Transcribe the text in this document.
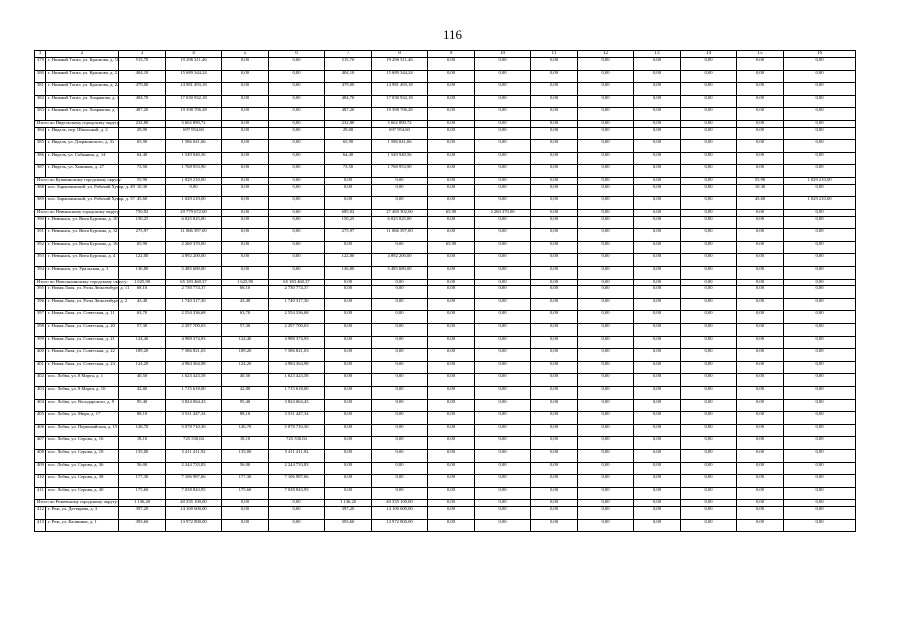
116
1	2	3	4	5	6	7	8	9	10	11	12	13	14	15	16
379	г. Нижний Тагил, ул. Краснова, д. 18	515,70	19 296 311,46	0,00	0,00	515,70	19 296 311,46	0,00	0,00	0,00	0,00	0,00	0,00	0,00	0,00
380	г. Нижний Тагил, ул. Краснова, д. 21	404,10	15 689 344,24	0,00	0,00	404,10	15 689 344,24	0,00	0,00	0,00	0,00	0,00	0,00	0,00	0,00
381	г. Нижний Тагил, ул. Краснова, д. 22	479,00	14 981 493,18	0,00	0,00	479,00	14 981 493,18	0,00	0,00	0,00	0,00	0,00	0,00	0,00	0,00
382	г. Нижний Тагил, ул. Хохрякова, д. 4	484,70	17 030 932,18	0,00	0,00	484,70	17 030 932,18	0,00	0,00	0,00	0,00	0,00	0,00	0,00	0,00
383	г. Нижний Тагил, ул. Хохрякова, д. 7	487,20	19 398 706,28	0,00	0,00	487,20	19 398 706,28	0,00	0,00	0,00	0,00	0,00	0,00	0,00	0,00
Итого по Ивдельскому городскому округу:		232,80	5 602 890,72	0,00	0,00	232,80	5 602 890,72	0,00	0,00	0,00	0,00	0,00	0,00	0,00	0,00
384	г. Ивдель, пер. Школьный, д. 2	29,00	697 954,60	0,00	0,00	29,00	697 954,60	0,00	0,00	0,00	0,00	0,00	0,00	0,00	0,00
385	г. Ивдель, ул. Дзержинского, д. 31	65,90	1 586 041,66	0,00	0,00	65,90	1 586 041,66	0,00	0,00	0,00	0,00	0,00	0,00	0,00	0,00
386	г. Ивдель, ул. Собянина, д. 14	64,40	1 549 940,56	0,00	0,00	64,40	1 549 940,56	0,00	0,00	0,00	0,00	0,00	0,00	0,00	0,00
387	г. Ивдель, ул. Химиков, д. 27	73,50	1 768 953,90	0,00	0,00	73,50	1 768 953,90	0,00	0,00	0,00	0,00	0,00	0,00	0,00	0,00
Итого по Кушвинскому городскому округу:		55,90	1 029 210,00	0,00	0,00	0,00	0,00	0,00	0,00	0,00	0,00	0,00	0,00	55,90	1 029 210,00
388	пос. Баранчинский, ул. Рабочий Хутор, д. 49	10,30	0,00	0,00	0,00	0,00	0,00	0,00	0,00	0,00	0,00	0,00	0,00	10,30	0,00
389	пос. Баранчинский, ул. Рабочий Хутор, д. 57	45,60	1 029 210,00	0,00	0,00	0,00	0,00	0,00	0,00	0,00	0,00	0,00	0,00	45,60	1 029 210,00
Итого по Невьянскому городскому округу:		750,92	29 779 672,00	0,00	0,00	685,02	27 469 302,00	65,90	2 260 370,00	0,00	0,00	0,00	0,00	0,00	0,00
390	г. Невьянск, ул. Витя Бурсина, д. 10	150,25	6 025 025,00	0,00	0,00	150,25	6 025 025,00	0,00	0,00	0,00	0,00	0,00	0,00	0,00	0,00
391	г. Невьянск, ул. Витя Бурсина, д. 12	275,97	11 066 397,00	0,00	0,00	275,97	11 066 397,00	0,00	0,00	0,00	0,00	0,00	0,00	0,00	0,00
392	г. Невьянск, ул. Витя Бурсина, д. 16	65,90	2 260 370,00	0,00	0,00	0,00	0,00	65,90	0,00	0,00	0,00	0,00	0,00	0,00	0,00
393	г. Невьянск, ул. Витя Бурсина, д. 4	122,00	4 892 200,00	0,00	0,00	122,00	4 892 200,00	0,00	0,00	0,00	0,00	0,00	0,00	0,00	0,00
394	г. Невьянск, ул. Уральская, д. 3	136,80	5 485 680,00	0,00	0,00	136,80	5 485 680,00	0,00	0,00	0,00	0,00	0,00	0,00	0,00	0,00
Итого по Новолялинскому городскому округу:		1 625,90	65 183 460,37	1 625,90	65 183 460,37	0,00	0,00	0,00	0,00	0,00	0,00	0,00	0,00	0,00	0,00
395	г. Новая Ляля, ул. Розы Люксембург, д. 11	68,10	2 730 774,37	68,10	2 730 774,37	0,00	0,00	0,00	0,00	0,00	0,00	0,00	0,00	0,00	0,00
396	г. Новая Ляля, ул. Розы Люксембург, д. 2	43,40	1 740 317,30	43,40	1 740 317,30	0,00	0,00	0,00	0,00	0,00	0,00	0,00	0,00	0,00	0,00
397	г. Новая Ляля, ул. Советская, д. 11	63,70	2 554 336,68	63,70	2 554 336,68	0,00	0,00	0,00	0,00	0,00	0,00	0,00	0,00	0,00	0,00
398	г. Новая Ляля, ул. Советская, д. 20	57,30	2 297 700,03	57,30	2 297 700,03	0,00	0,00	0,00	0,00	0,00	0,00	0,00	0,00	0,00	0,00
399	г. Новая Ляля, ул. Советская, д. 21	124,40	4 988 374,93	124,40	4 988 374,93	0,00	0,00	0,00	0,00	0,00	0,00	0,00	0,00	0,00	0,00
400	г. Новая Ляля, ул. Советская, д. 22	189,20	7 586 821,03	189,20	7 586 821,03	0,00	0,00	0,00	0,00	0,00	0,00	0,00	0,00	0,00	0,00
401	г. Новая Ляля, ул. Советская, д. 23	124,20	4 984 364,98	124,20	4 984 364,98	0,00	0,00	0,00	0,00	0,00	0,00	0,00	0,00	0,00	0,00
402	пос. Лобва, ул. 8 Марта, д. 1	40,50	1 623 423,58	40,50	1 623 423,58	0,00	0,00	0,00	0,00	0,00	0,00	0,00	0,00	0,00	0,00
403	пос. Лобва, ул. 8 Марта, д. 10	42,80	1 715 618,00	42,80	1 715 618,00	0,00	0,00	0,00	0,00	0,00	0,00	0,00	0,00	0,00	0,00
404	пос. Лобва, ул. Володарского, д. 9	95,40	3 824 064,43	95,40	3 824 064,43	0,00	0,00	0,00	0,00	0,00	0,00	0,00	0,00	0,00	0,00
405	пос. Лобва, ул. Мира, д. 17	88,10	3 531 447,34	88,10	3 531 447,34	0,00	0,00	0,00	0,00	0,00	0,00	0,00	0,00	0,00	0,00
406	пос. Лобва, ул. Первомайская, д. 15	126,70	5 078 710,30	126,70	5 078 710,30	0,00	0,00	0,00	0,00	0,00	0,00	0,00	0,00	0,00	0,00
407	пос. Лобва, ул. Серова, д. 16	18,10	725 530,04	18,10	725 530,04	0,00	0,00	0,00	0,00	0,00	0,00	0,00	0,00	0,00	0,00
408	пос. Лобва, ул. Серова, д. 18	135,00	5 411 411,92	135,00	5 411 411,92	0,00	0,00	0,00	0,00	0,00	0,00	0,00	0,00	0,00	0,00
409	пос. Лобва, ул. Серова, д. 36	56,00	2 244 733,83	56,00	2 244 733,83	0,00	0,00	0,00	0,00	0,00	0,00	0,00	0,00	0,00	0,00
410	пос. Лобва, ул. Серова, д. 38	177,30	7 106 987,66	177,30	7 106 987,66	0,00	0,00	0,00	0,00	0,00	0,00	0,00	0,00	0,00	0,00
411	пос. Лобва, ул. Серова, д. 40	175,60	7 038 843,95	175,60	7 038 843,95	0,00	0,00	0,00	0,00	0,00	0,00	0,00	0,00	0,00	0,00
Итого по Режевскому городскому округу:		1 136,20	40 335 100,00	0,00	0,00	1 136,20	40 335 100,00	0,00	0,00	0,00	0,00	0,00	0,00	0,00	0,00
412	г. Реж, ул. Дегтярева, д. 3	397,20	14 100 600,00	0,00	0,00	397,20	14 100 600,00	0,00	0,00	0,00	0,00	0,00	0,00	0,00	0,00
413	г. Реж, ул. Калинина, д. 1	393,60	13 972 800,00	0,00	0,00	393,60	13 972 800,00	0,00	0,00	0,00	0,00	0,00	0,00	0,00	0,00
